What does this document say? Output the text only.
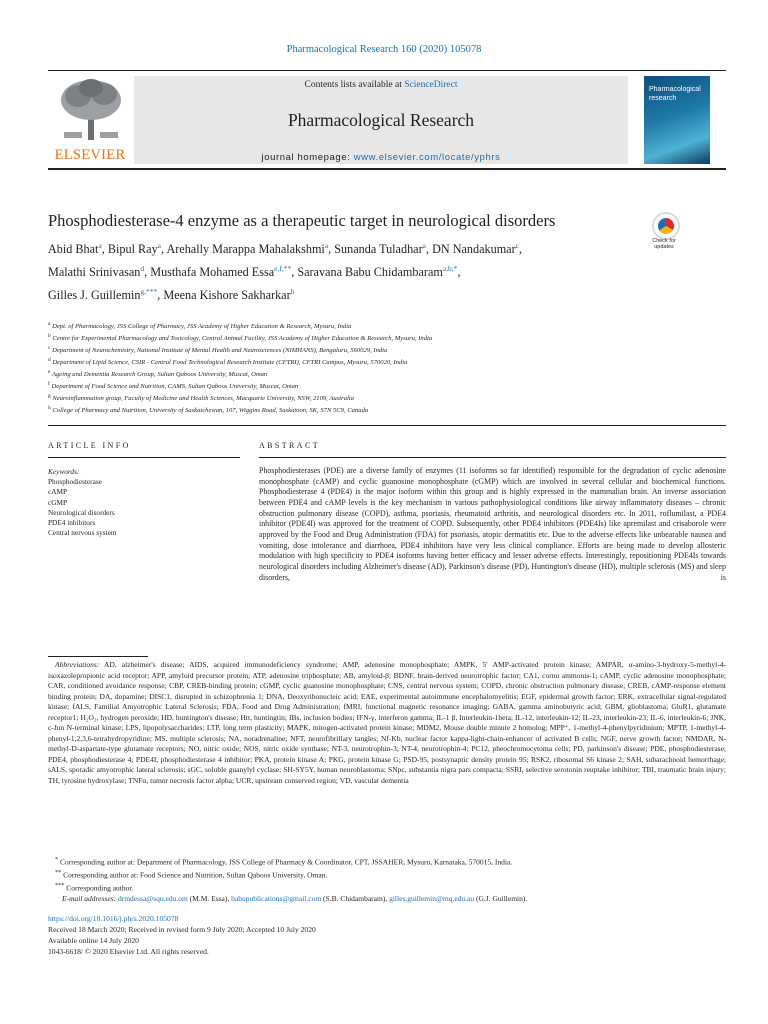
Pharmacological Research 160 (2020) 105078
ELSEVIER
Contents lists available at ScienceDirect
Pharmacological Research
journal homepage: www.elsevier.com/locate/yphrs
Pharmacological
research
Phosphodiesterase-4 enzyme as a therapeutic target in neurological disorders
Check for
updates
Abid Bhat$^a$, Bipul Ray$^a$, Arehally Marappa Mahalakshmi$^a$, Sunanda Tuladhar$^a$, DN Nandakumar$^c$,
Malathi Srinivasan$^d$, Musthafa Mohamed Essa$^{e,f,**}$, Saravana Babu Chidambaram$^{a,b,*}$,
Gilles J. Guillemin$^{g,***}$, Meena Kishore Sakharkar$^h$
$^a$ Dept. of Pharmacology, JSS College of Pharmacy, JSS Academy of Higher Education & Research, Mysuru, India
$^b$ Centre for Experimental Pharmacology and Toxicology, Central Animal Facility, JSS Academy of Higher Education & Research, Mysuru, India
$^c$ Department of Neurochemistry, National Institute of Mental Health and Neurosciences (NIMHANS), Bengaluru, 560029, India
$^d$ Department of Lipid Science, CSIR - Central Food Technological Research Institute (CFTRI), CFTRI Campus, Mysuru, 570020, India
$^e$ Ageing and Dementia Research Group, Sultan Qaboos University, Muscat, Oman
$^f$ Department of Food Science and Nutrition, CAMS, Sultan Qaboos University, Muscat, Oman
$^g$ Neuroinflammation group, Faculty of Medicine and Health Sciences, Macquarie University, NSW, 2109, Australia
$^h$ College of Pharmacy and Nutrition, University of Saskatchewan, 107, Wiggins Road, Saskatoon, SK, S7N 5C9, Canada
ARTICLE INFO	ABSTRACT
Keywords:
Phosphodiesterase
cAMP
cGMP
Neurological disorders
PDE4 inhibitors
Central nervous system
Phosphodiesterases (PDE) are a diverse family of enzymes (11 isoforms so far identified) responsible for the degradation of cyclic adenosine monophosphate (cAMP) and cyclic guanosine monophosphate (cGMP) which are involved in several cellular and biochemical functions. Phosphodiesterase 4 (PDE4) is the major isoform within this group and is highly expressed in the mammalian brain. An inverse association between PDE4 and cAMP levels is the key mechanism in various pathophysiological conditions like airway inflammatory diseases – chronic obstruction pulmonary disease (COPD), asthma, psoriasis, rheumatoid arthritis, and neurological disorders etc. In 2011, roflumilast, a PDE4 inhibitor (PDE4I) was approved for the treatment of COPD. Subsequently, other PDE4 inhibitors (PDE4Is) like apremilast and crisaborole were approved by the Food and Drug Administration (FDA) for psoriasis, atopic dermatitis etc. Due to the adverse effects like unbearable nausea and vomiting, dose intolerance and diarrhoea, PDE4 inhibitors have very less clinical compliance. Efforts are being made to develop allosteric modulation with high specificity to PDE4 isoforms having better efficacy and lesser adverse effects. Interestingly, repositioning PDE4Is towards neurological disorders including Alzheimer's disease (AD), Parkinson's disease (PD), Huntington's disease (HD), multiple sclerosis (MS) and sleep disorders, is
Abbreviations: AD, alzheimer's disease; AIDS, acquired immunodeficiency syndrome; AMP, adenosine monophosphate; AMPK, 5′ AMP-activated protein kinase; AMPAR, α-amino-3-hydroxy-5-methyl-4-isoxazolepropionic acid receptor; APP, amyloid precursor protein; ATP, adenosine triphosphate; AB, amyloid-β; BDNF, brain-derived neurotrophic factor; CA1, cornu ammonis-1; cAMP, cyclic adenosine monophosphate; CAR, conditioned avoidance response; CBP, CREB-binding protein; cGMP, cyclic guanosine monophosphate; CNS, central nervous system; COPD, chronic obstruction pulmonary disease; CREB, cAMP-response element binding protein; DA, dopamine; DISC1, disrupted in schizophrenia 1; DNA, Deoxyribonucleic acid; EAE, experimental autoimmune encephalomyelitis; EGF, epidermal growth factor; ERK, extracellular signal-regulated kinase; fALS, Familial Amyotrophic Lateral Sclerosis; FDA, Food and Drug Administration; fMRI, functional magnetic resonance imaging; GABA, gamma aminobutyric acid; GBM, glioblastoma; GluR1, glutamate receptor1; H₂O₂, hydrogen peroxide; HD, huntington's disease; Htt, huntingtin; IBs, inclusion bodies; IFN-γ, interferon gamma; IL-1 β, Interleukin-1beta; IL-12, interleukin-12; IL-23, interleukin-23; IL-6, interleukin-6; JNK, c-Jun N-terminal kinase; LPS, lipopolysaccharides; LTP, long term plasticity; MAPK, mitogen-activated protein kinase; MDM2, Mouse double minute 2 homolog; MPP⁺, 1-methyl-4-phenylpyridinium; MPTP, 1-methyl-4-phenyl-1,2,3,6-tetrahydropyridine; MS, multiple sclerosis; NA, noradrenaline; NFT, neurofibrillary tangles; Nf-Kb, nuclear factor kappa-light-chain-enhancer of activated B cells; NGF, nerve growth factor; NMDAR, N-methyl-D-aspartate-type glutamate receptors; NO, nitric oxide; NOS, nitric oxide synthase; NT-3, neurotrophin-3; NT-4, neurotrophin-4; PC12, pheochromocytoma cells; PD, parkinson's disease; PDE, phosphodiesterase; PDE4, phosphodiesterase 4; PDE4I, phosphodiesterase 4 inhibitor; PKA, protein kinase A; PKG, protein kinase G; PSD-95, postsynaptic density protein 95; RSK2, ribosomal S6 kinase 2; SAH, subarachnoid hemorrhage; sALS, sporadic amyotrophic lateral sclerosis; sGC, soluble guanylyl cyclase; SH-SY5Y, human neuroblastoma; SNpc, substantia nigra pars compacta; SSRI, selective serotonin reuptake inhibitor; TBI, traumatic brain injury; TH, tyrosine hydroxylase; TNFα, tumor necrosis factor alpha; UCR, upstream conserved region; VD, vascular dementia
* Corresponding author at: Department of Pharmacology, JSS College of Pharmacy & Coordinator, CPT, JSSAHER, Mysuru, Karnataka, 570015, India.
** Corresponding author at: Food Science and Nutrition, Sultan Qaboos University, Oman.
*** Corresponding author.
E-mail addresses: drmdessa@squ.edu.om (M.M. Essa), babupublications@gmail.com (S.B. Chidambaram), gilles.guillemin@mq.edu.au (G.J. Guillemin).
https://doi.org/10.1016/j.phrs.2020.105078
Received 18 March 2020; Received in revised form 9 July 2020; Accepted 10 July 2020
Available online 14 July 2020
1043-6618/ © 2020 Elsevier Ltd. All rights reserved.
